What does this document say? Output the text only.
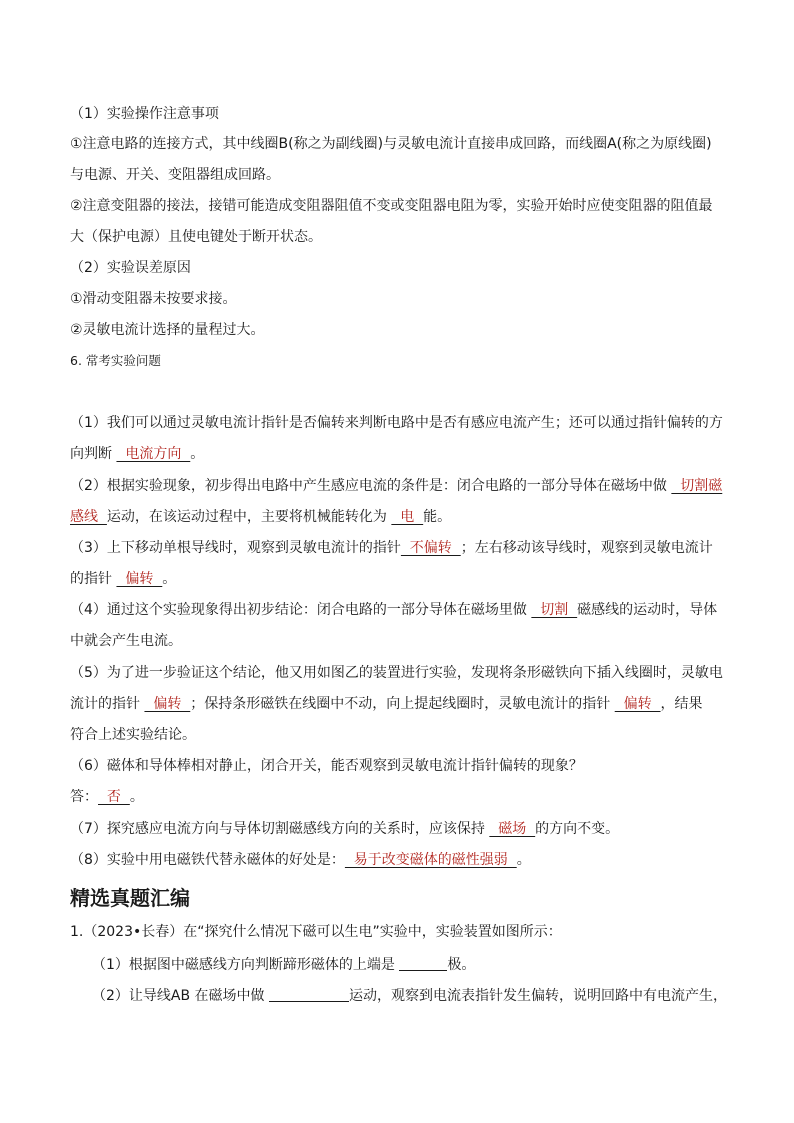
（1）实验操作注意事项
①注意电路的连接方式，其中线圈B(称之为副线圈)与灵敏电流计直接串成回路，而线圈A(称之为原线圈)
与电源、开关、变阻器组成回路。
②注意变阻器的接法，接错可能造成变阻器阻值不变或变阻器电阻为零，实验开始时应使变阻器的阻值最
大（保护电源）且使电键处于断开状态。
（2）实验误差原因
①滑动变阻器未按要求接。
②灵敏电流计选择的量程过大。
6. 常考实验问题
（1）我们可以通过灵敏电流计指针是否偏转来判断电路中是否有感应电流产生；还可以通过指针偏转的方
向判断   电流方向  。
（2）根据实验现象，初步得出电路中产生感应电流的条件是：闭合电路的一部分导体在磁场中做   切割磁
感线  运动，在该运动过程中，主要将机械能转化为   电  能。
（3）上下移动单根导线时，观察到灵敏电流计的指针  不偏转  ；左右移动该导线时，观察到灵敏电流计
的指针   偏转  。
（4）通过这个实验现象得出初步结论：闭合电路的一部分导体在磁场里做   切割  磁感线的运动时，导体
中就会产生电流。
（5）为了进一步验证这个结论，他又用如图乙的装置进行实验，发现将条形磁铁向下插入线圈时，灵敏电
流计的指针   偏转  ；保持条形磁铁在线圈中不动，向上提起线圈时，灵敏电流计的指针   偏转  ，结果
符合上述实验结论。
（6）磁体和导体棒相对静止，闭合开关，能否观察到灵敏电流计指针偏转的现象？
答：  否  。
（7）探究感应电流方向与导体切割磁感线方向的关系时，应该保持   磁场  的方向不变。
（8）实验中用电磁铁代替永磁体的好处是：  易于改变磁体的磁性强弱  。
精选真题汇编
1.（2023•长春）在“探究什么情况下磁可以生电”实验中，实验装置如图所示：
（1）根据图中磁感线方向判断蹄形磁体的上端是	极。
（2）让导线AB 在磁场中做	运动，观察到电流表指针发生偏转，说明回路中有电流产生，
